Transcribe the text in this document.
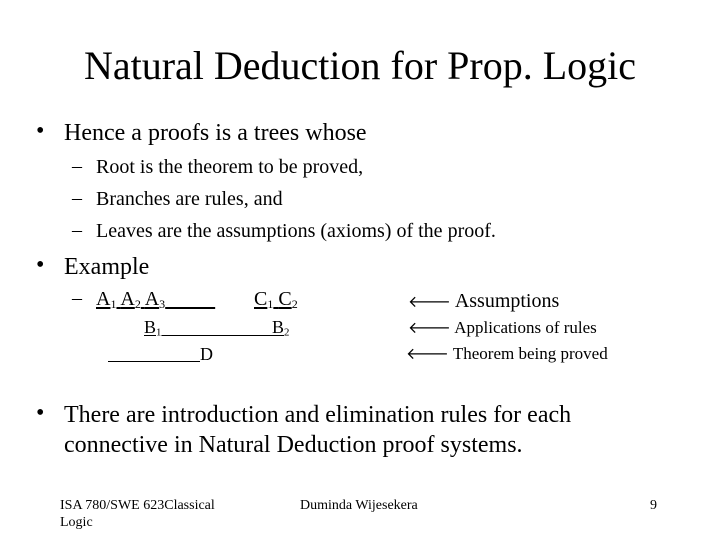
Natural Deduction for Prop. Logic
• Hence a proofs is a trees whose
– Root is the theorem to be proved,
– Branches are rules, and
– Leaves are the assumptions (axioms) of the proof.
• Example
– $A_1$ $A_2$ $A_3$	$C_1$ $C_2$
$B_1$	$B_2$
D
🡐 Assumptions
🡐 Applications of rules
🡐 Theorem being proved
• There are introduction and elimination rules for each
connective in Natural Deduction proof systems.
ISA 780/SWE 623Classical
Logic
Duminda Wijesekera	9
